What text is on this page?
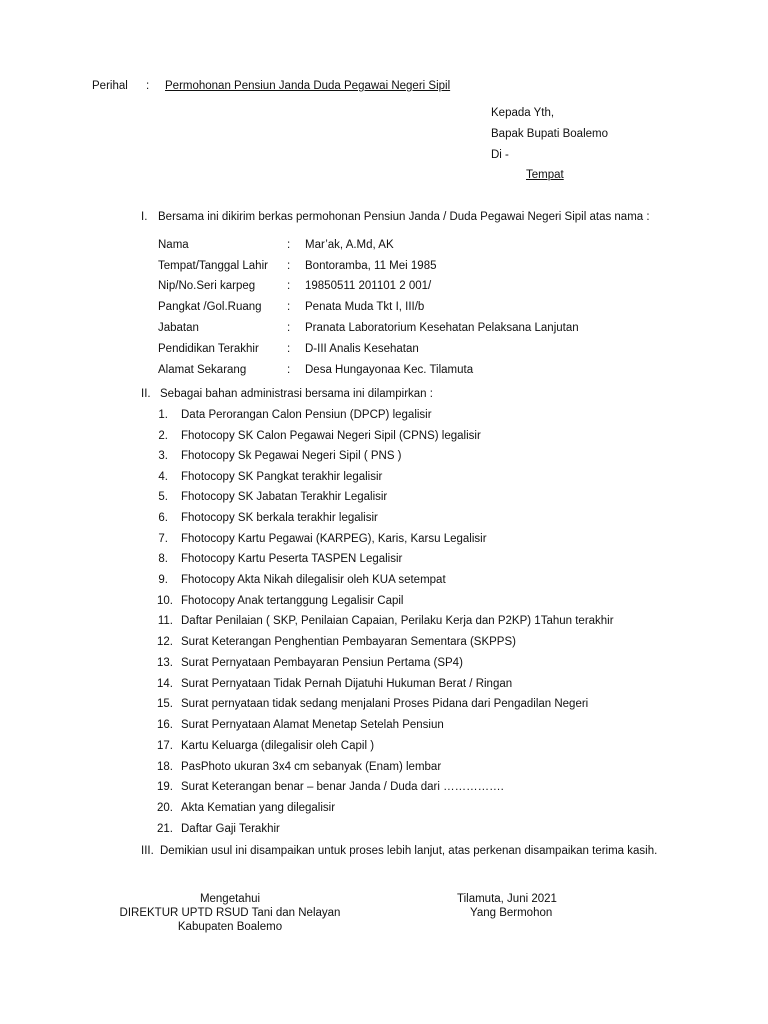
Perihal : Permohonan Pensiun Janda Duda Pegawai Negeri Sipil
Kepada Yth,
Bapak Bupati Boalemo
Di -
Tempat
I. Bersama ini dikirim berkas permohonan Pensiun Janda / Duda Pegawai Negeri Sipil atas nama :
Nama	: Mar’ak, A.Md, AK
Tempat/Tanggal Lahir : Bontoramba, 11 Mei 1985
Nip/No.Seri karpeg	: 19850511 201101 2 001/
Pangkat /Gol.Ruang : Penata Muda Tkt I, III/b
Jabatan	: Pranata Laboratorium Kesehatan Pelaksana Lanjutan
Pendidikan Terakhir : D-III Analis Kesehatan
Alamat Sekarang	: Desa Hungayonaa Kec. Tilamuta
II. Sebagai bahan administrasi bersama ini dilampirkan :
1. Data Perorangan Calon Pensiun (DPCP) legalisir
2. Fhotocopy SK Calon Pegawai Negeri Sipil (CPNS) legalisir
3. Fhotocopy Sk Pegawai Negeri Sipil ( PNS )
4. Fhotocopy SK Pangkat terakhir legalisir
5. Fhotocopy SK Jabatan Terakhir Legalisir
6. Fhotocopy SK berkala terakhir legalisir
7. Fhotocopy Kartu Pegawai (KARPEG), Karis, Karsu Legalisir
8. Fhotocopy Kartu Peserta TASPEN Legalisir
9. Fhotocopy Akta Nikah dilegalisir oleh KUA setempat
10. Fhotocopy Anak tertanggung Legalisir Capil
11. Daftar Penilaian ( SKP, Penilaian Capaian, Perilaku Kerja dan P2KP) 1Tahun terakhir
12. Surat Keterangan Penghentian Pembayaran Sementara (SKPPS)
13. Surat Pernyataan Pembayaran Pensiun Pertama (SP4)
14. Surat Pernyataan Tidak Pernah Dijatuhi Hukuman Berat / Ringan
15. Surat pernyataan tidak sedang menjalani Proses Pidana dari Pengadilan Negeri
16. Surat Pernyataan Alamat Menetap Setelah Pensiun
17. Kartu Keluarga (dilegalisir oleh Capil )
18. PasPhoto ukuran 3x4 cm sebanyak (Enam) lembar
19. Surat Keterangan benar – benar Janda / Duda dari …………….
20. Akta Kematian yang dilegalisir
21. Daftar Gaji Terakhir
III. Demikian usul ini disampaikan untuk proses lebih lanjut, atas perkenan disampaikan terima kasih.
Mengetahui
DIREKTUR UPTD RSUD Tani dan Nelayan
Kabupaten Boalemo
Tilamuta, Juni 2021
Yang Bermohon
